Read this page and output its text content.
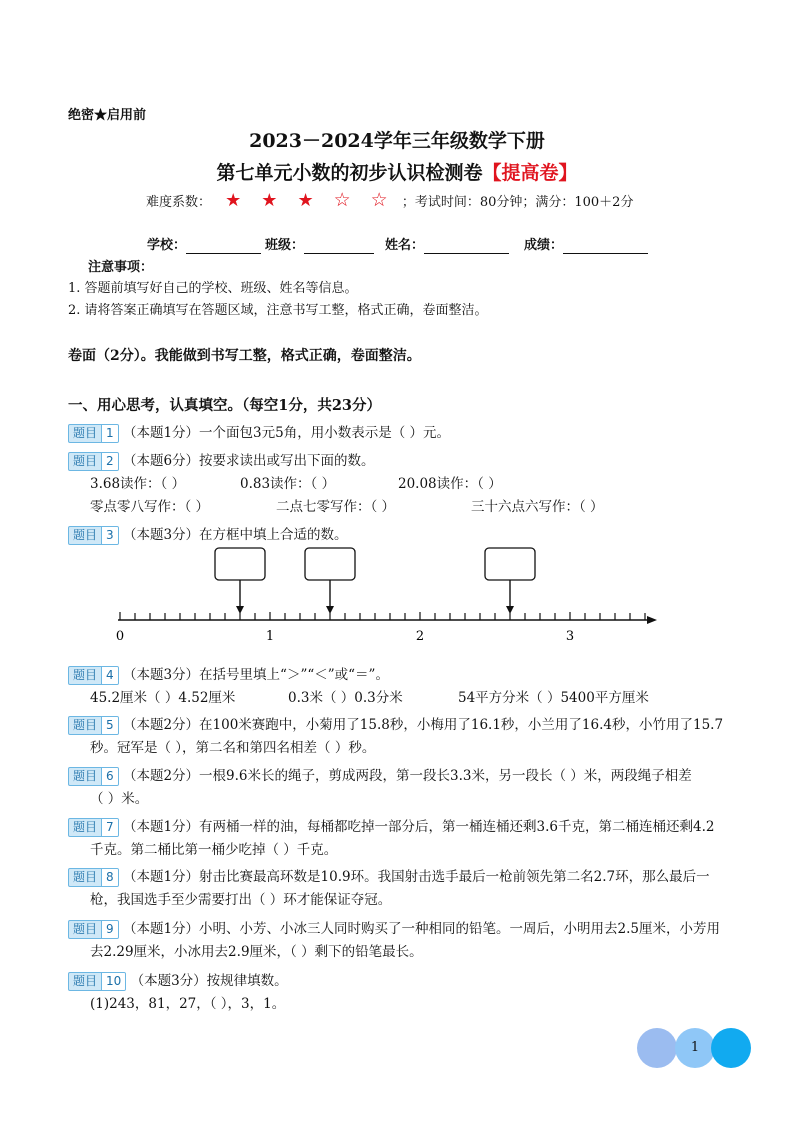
绝密★启用前
2023－2024学年三年级数学下册
第七单元小数的初步认识检测卷【提高卷】
难度系数： ★ ★ ★ ☆ ☆ ；考试时间：80分钟；满分：100＋2分
学校：	班级：	姓名：	成绩：
注意事项：
1. 答题前填写好自己的学校、班级、姓名等信息。
2. 请将答案正确填写在答题区域，注意书写工整，格式正确，卷面整洁。
卷面（2分）。我能做到书写工整，格式正确，卷面整洁。
一、用心思考，认真填空。（每空1分，共23分）
题目 1 （本题1分）一个面包3元5角，用小数表示是（ ）元。
题目 2 （本题6分）按要求读出或写出下面的数。
3.68读作：（ ）	0.83读作：（ ）	20.08读作：（ ）
零点零八写作：（ ）	二点七零写作：（ ）	三十六点六写作：（ ）
题目 3 （本题3分）在方框中填上合适的数。
0	1	2	3
题目 4 （本题3分）在括号里填上“＞”“＜”或“＝”。
45.2厘米（ ）4.52厘米	0.3米（ ）0.3分米	54平方分米（ ）5400平方厘米
题目 5 （本题2分）在100米赛跑中，小菊用了15.8秒，小梅用了16.1秒，小兰用了16.4秒，小竹用了15.7
秒。冠军是（ ），第二名和第四名相差（ ）秒。
题目 6 （本题2分）一根9.6米长的绳子，剪成两段，第一段长3.3米，另一段长（ ）米，两段绳子相差
（ ）米。
题目 7 （本题1分）有两桶一样的油，每桶都吃掉一部分后，第一桶连桶还剩3.6千克，第二桶连桶还剩4.2
千克。第二桶比第一桶少吃掉（ ）千克。
题目 8 （本题1分）射击比赛最高环数是10.9环。我国射击选手最后一枪前领先第二名2.7环，那么最后一
枪，我国选手至少需要打出（ ）环才能保证夺冠。
题目 9 （本题1分）小明、小芳、小冰三人同时购买了一种相同的铅笔。一周后，小明用去2.5厘米，小芳用
去2.29厘米，小冰用去2.9厘米，（ ）剩下的铅笔最长。
题目 10 （本题3分）按规律填数。
(1)243，81，27，（ ），3，1。
1
